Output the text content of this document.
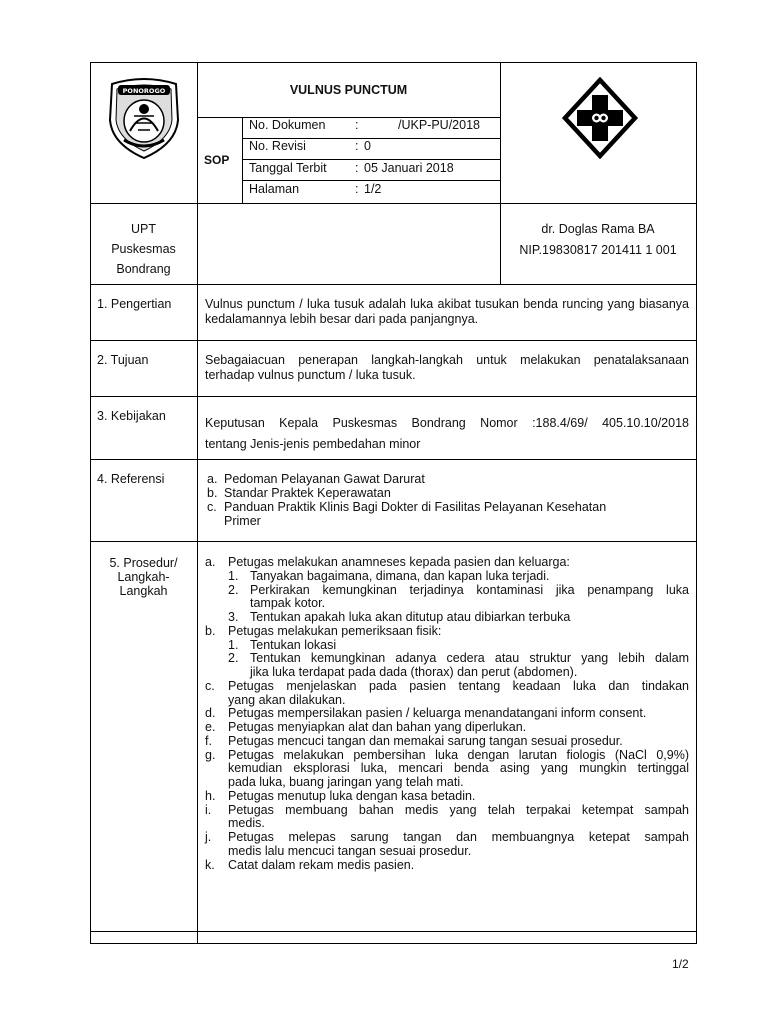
PONOROGO	VULNUS PUNCTUM
SOP
No. Dokumen :	/UKP-PU/2018
No. Revisi	: 0
Tanggal Terbit : 05 Januari 2018
Halaman	: 1/2
UPT
Puskesmas
Bondrang
dr. Doglas Rama BA
NIP.19830817 201411 1 001
1. Pengertian	Vulnus punctum / luka tusuk adalah luka akibat tusukan benda runcing yang biasanya kedalamannya lebih besar dari pada panjangnya.
2. Tujuan	Sebagaiacuan penerapan langkah-langkah untuk melakukan penatalaksanaan terhadap vulnus punctum / luka tusuk.
3. Kebijakan	Keputusan Kepala Puskesmas Bondrang Nomor :188.4/69/ 405.10.10/2018
tentang Jenis-jenis pembedahan minor
4. Referensi	a. Pedoman Pelayanan Gawat Darurat
b. Standar Praktek Keperawatan
c. Panduan Praktik Klinis Bagi Dokter di Fasilitas Pelayanan Kesehatan
Primer
5. Prosedur/
Langkah-
Langkah
a. Petugas melakukan anamneses kepada pasien dan keluarga:
1. Tanyakan bagaimana, dimana, dan kapan luka terjadi.
2. Perkirakan kemungkinan terjadinya kontaminasi jika penampang luka
tampak kotor.
3. Tentukan apakah luka akan ditutup atau dibiarkan terbuka
b. Petugas melakukan pemeriksaan fisik:
1. Tentukan lokasi
2. Tentukan kemungkinan adanya cedera atau struktur yang lebih dalam
jika luka terdapat pada dada (thorax) dan perut (abdomen).
c. Petugas menjelaskan pada pasien tentang keadaan luka dan tindakan
yang akan dilakukan.
d. Petugas mempersilakan pasien / keluarga menandatangani inform consent.
e. Petugas menyiapkan alat dan bahan yang diperlukan.
f. Petugas mencuci tangan dan memakai sarung tangan sesuai prosedur.
g. Petugas melakukan pembersihan luka dengan larutan fiologis (NaCl 0,9%)
kemudian eksplorasi luka, mencari benda asing yang mungkin tertinggal
pada luka, buang jaringan yang telah mati.
h. Petugas menutup luka dengan kasa betadin.
i. Petugas membuang bahan medis yang telah terpakai ketempat sampah
medis.
j. Petugas melepas sarung tangan dan membuangnya ketepat sampah
medis lalu mencuci tangan sesuai prosedur.
k. Catat dalam rekam medis pasien.
1/2
